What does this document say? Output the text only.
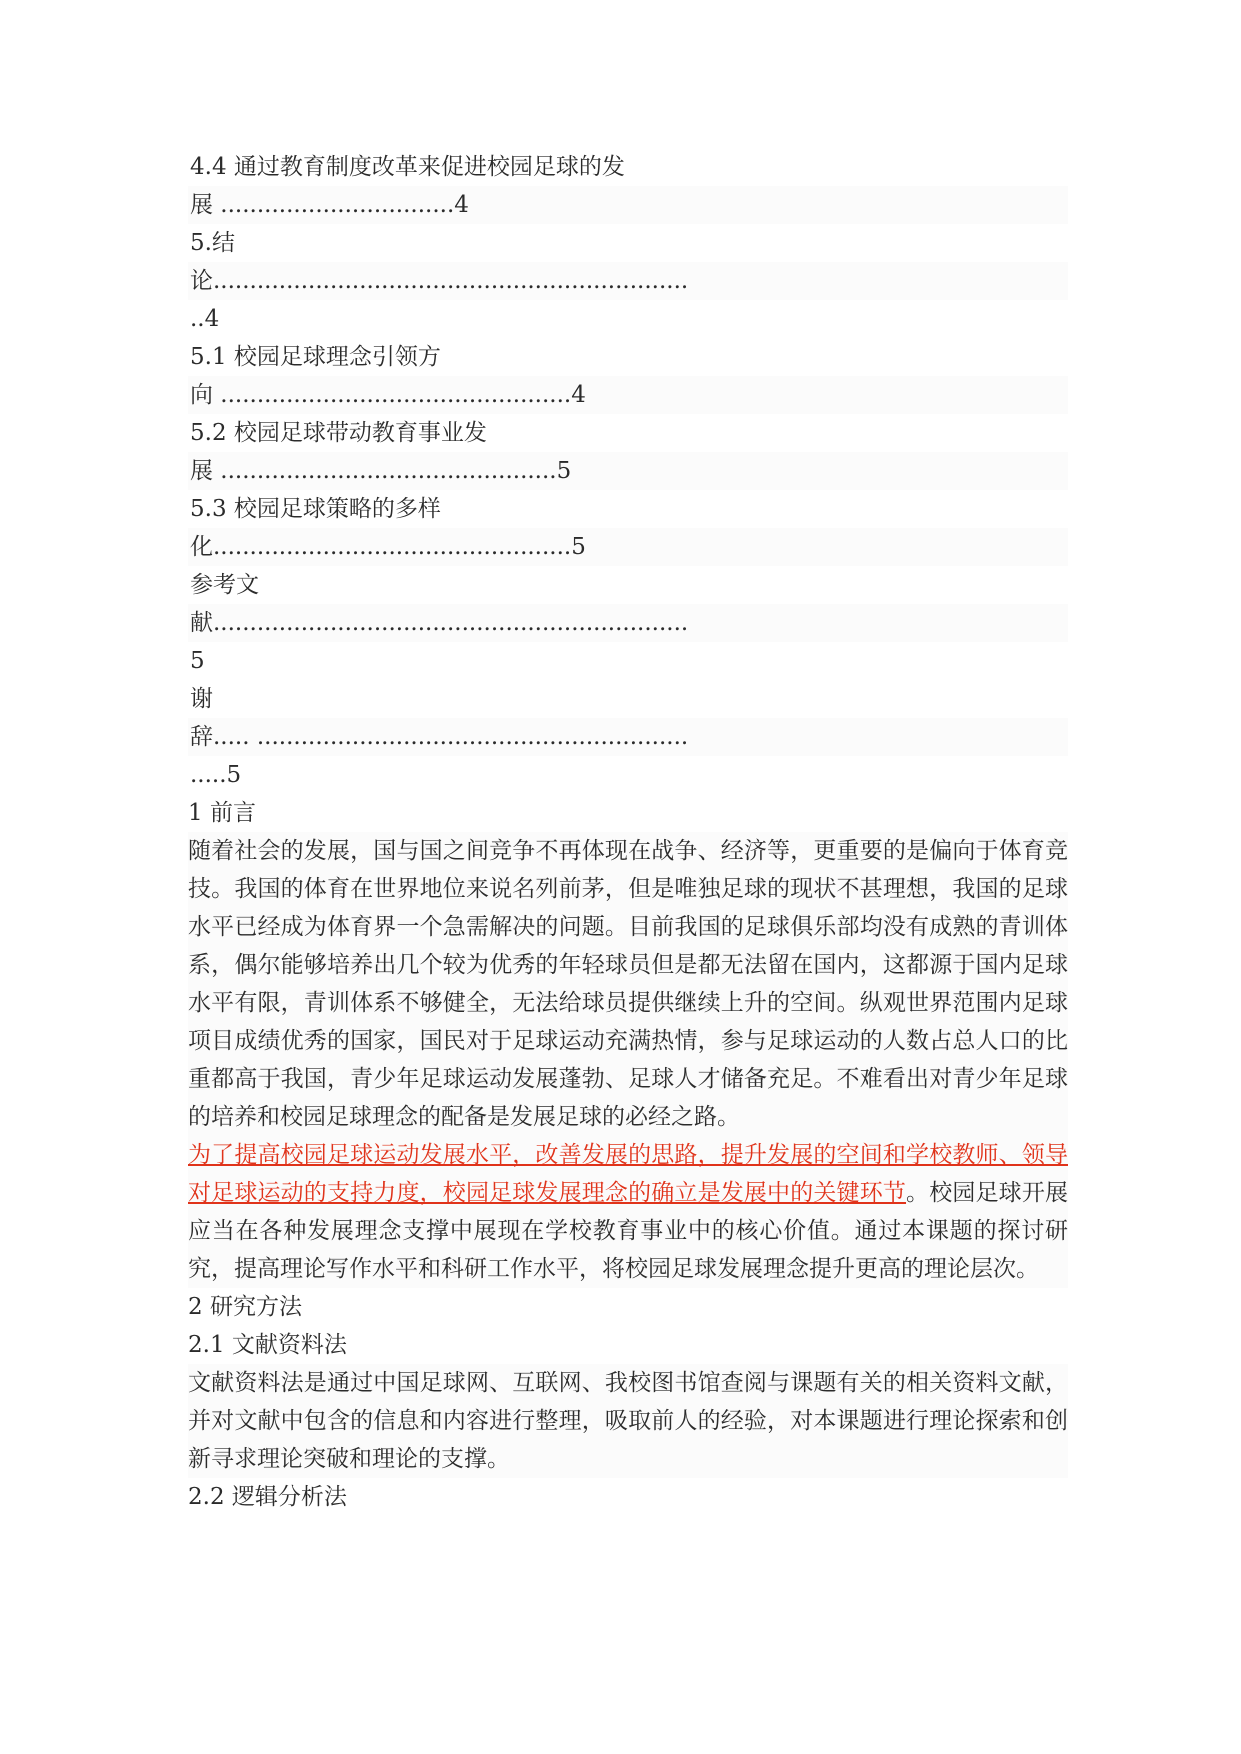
4.4 通过教育制度改革来促进校园足球的发
展 ................................4
5.结
论.................................................................
..4
5.1 校园足球理念引领方
向 ................................................4
5.2 校园足球带动教育事业发
展 ..............................................5
5.3 校园足球策略的多样
化.................................................5
参考文
献.................................................................
5
谢
辞..... ...........................................................
.....5
1 前言
随着社会的发展，国与国之间竞争不再体现在战争、经济等，更重要的是偏向于体育竞技。我国的体育在世界地位来说名列前茅，但是唯独足球的现状不甚理想，我国的足球水平已经成为体育界一个急需解决的问题。目前我国的足球俱乐部均没有成熟的青训体系，偶尔能够培养出几个较为优秀的年轻球员但是都无法留在国内，这都源于国内足球水平有限，青训体系不够健全，无法给球员提供继续上升的空间。纵观世界范围内足球项目成绩优秀的国家，国民对于足球运动充满热情，参与足球运动的人数占总人口的比重都高于我国，青少年足球运动发展蓬勃、足球人才储备充足。不难看出对青少年足球的培养和校园足球理念的配备是发展足球的必经之路。
为了提高校园足球运动发展水平，改善发展的思路，提升发展的空间和学校教师、领导对足球运动的支持力度，校园足球发展理念的确立是发展中的关键环节。校园足球开展应当在各种发展理念支撑中展现在学校教育事业中的核心价值。通过本课题的探讨研究，提高理论写作水平和科研工作水平，将校园足球发展理念提升更高的理论层次。
2 研究方法
2.1 文献资料法
文献资料法是通过中国足球网、互联网、我校图书馆查阅与课题有关的相关资料文献，并对文献中包含的信息和内容进行整理，吸取前人的经验，对本课题进行理论探索和创新寻求理论突破和理论的支撑。
2.2 逻辑分析法
